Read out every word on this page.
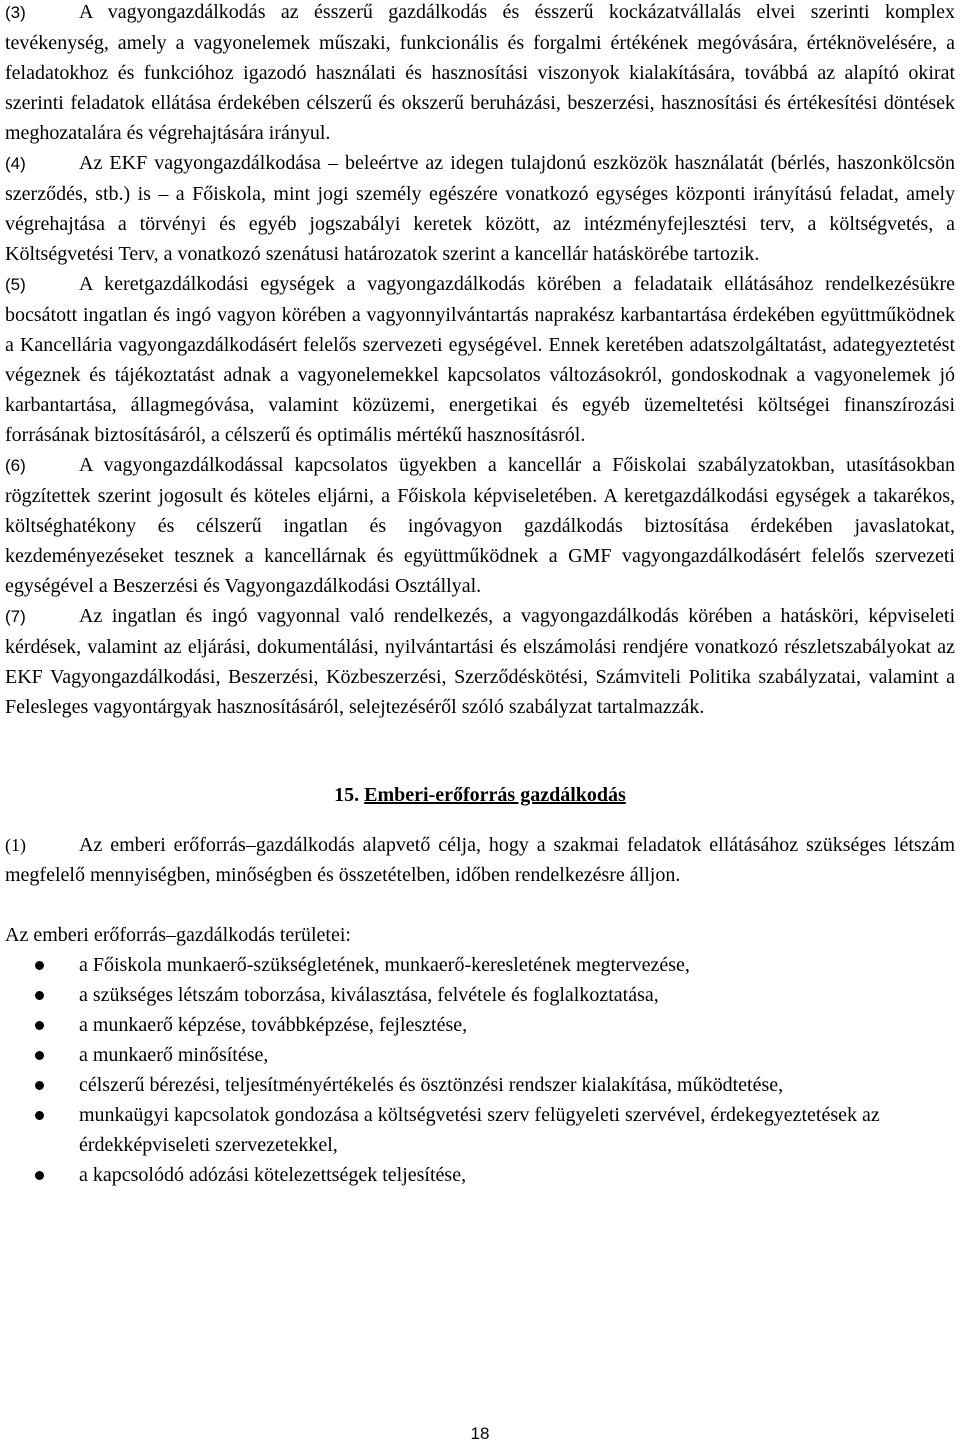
(3)	A vagyongazdálkodás az ésszerű gazdálkodás és ésszerű kockázatvállalás elvei szerinti komplex tevékenység, amely a vagyonelemek műszaki, funkcionális és forgalmi értékének megóvására, értéknövelésére, a feladatokhoz és funkcióhoz igazodó használati és hasznosítási viszonyok kialakítására, továbbá az alapító okirat szerinti feladatok ellátása érdekében célszerű és okszerű beruházási, beszerzési, hasznosítási és értékesítési döntések meghozatalára és végrehajtására irányul.

(4)	Az EKF vagyongazdálkodása – beleértve az idegen tulajdonú eszközök használatát (bérlés, haszonkölcsön szerződés, stb.) is – a Főiskola, mint jogi személy egészére vonatkozó egységes központi irányítású feladat, amely végrehajtása a törvényi és egyéb jogszabályi keretek között, az intézményfejlesztési terv, a költségvetés, a Költségvetési Terv, a vonatkozó szenátusi határozatok szerint a kancellár hatáskörébe tartozik.

(5)	A keretgazdálkodási egységek a vagyongazdálkodás körében a feladataik ellátásához rendelkezésükre bocsátott ingatlan és ingó vagyon körében a vagyonnyilvántartás naprakész karbantartása érdekében együttműködnek a Kancellária vagyongazdálkodásért felelős szervezeti egységével. Ennek keretében adatszolgáltatást, adategyeztetést végeznek és tájékoztatást adnak a vagyonelemekkel kapcsolatos változásokról, gondoskodnak a vagyonelemek jó karbantartása, állagmegóvása, valamint közüzemi, energetikai és egyéb üzemeltetési költségei finanszírozási forrásának biztosításáról, a célszerű és optimális mértékű hasznosításról.

(6)	A vagyongazdálkodással kapcsolatos ügyekben a kancellár a Főiskolai szabályzatokban, utasításokban rögzítettek szerint jogosult és köteles eljárni, a Főiskola képviseletében. A keretgazdálkodási egységek a takarékos, költséghatékony és célszerű ingatlan és ingóvagyon gazdálkodás biztosítása érdekében javaslatokat, kezdeményezéseket tesznek a kancellárnak és együttműködnek a GMF vagyongazdálkodásért felelős szervezeti egységével a Beszerzési és Vagyongazdálkodási Osztállyal.

(7)	Az ingatlan és ingó vagyonnal való rendelkezés, a vagyongazdálkodás körében a hatásköri, képviseleti kérdések, valamint az eljárási, dokumentálási, nyilvántartási és elszámolási rendjére vonatkozó részletszabályokat az EKF Vagyongazdálkodási, Beszerzési, Közbeszerzési, Szerződéskötési, Számviteli Politika szabályzatai, valamint a Felesleges vagyontárgyak hasznosításáról, selejtezéséről szóló szabályzat tartalmazzák.

15. Emberi-erőforrás gazdálkodás

(1)	Az emberi erőforrás–gazdálkodás alapvető célja, hogy a szakmai feladatok ellátásához szükséges létszám megfelelő mennyiségben, minőségben és összetételben, időben rendelkezésre álljon.

Az emberi erőforrás–gazdálkodás területei:

a Főiskola munkaerő-szükségletének, munkaerő-keresletének megtervezése,
a szükséges létszám toborzása, kiválasztása, felvétele és foglalkoztatása,
a munkaerő képzése, továbbképzése, fejlesztése,
a munkaerő minősítése,
célszerű bérezési, teljesítményértékelés és ösztönzési rendszer kialakítása, működtetése,
munkaügyi kapcsolatok gondozása a költségvetési szerv felügyeleti szervével, érdekegyeztetések az érdekképviseleti szervezetekkel,
a kapcsolódó adózási kötelezettségek teljesítése,
18
